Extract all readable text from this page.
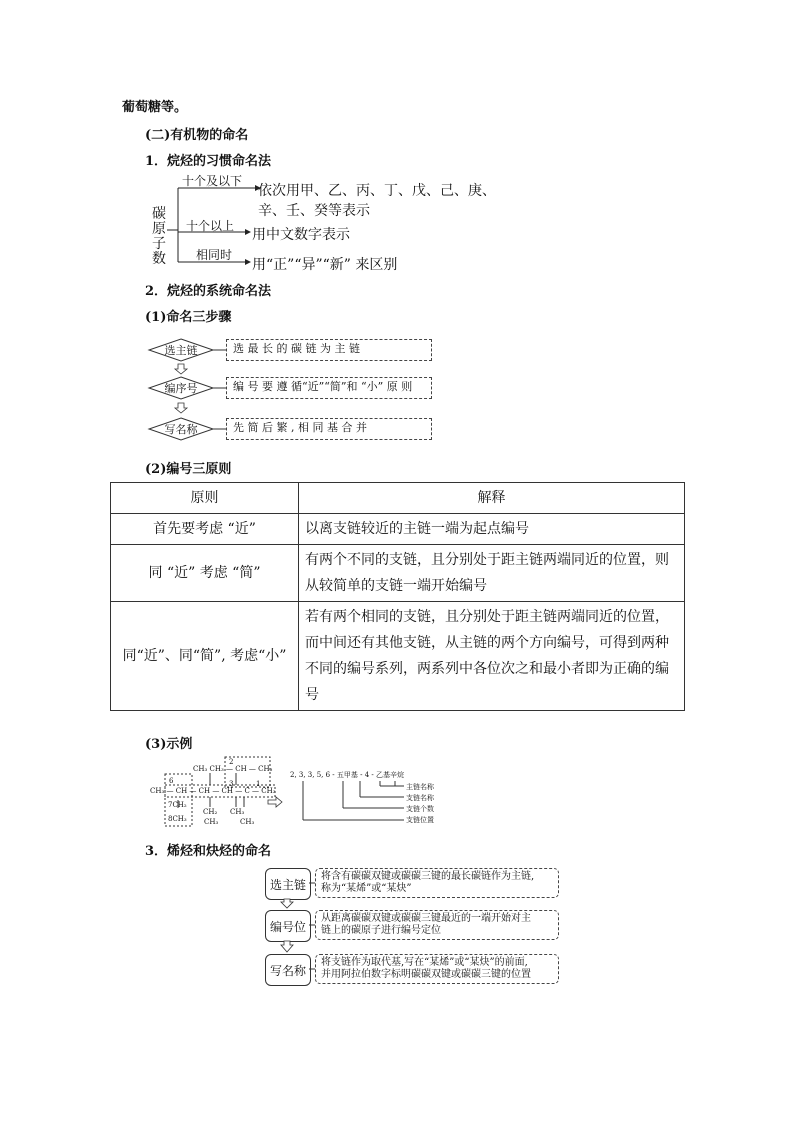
葡萄糖等。
(二)有机物的命名
1．烷烃的习惯命名法
碳
原
子
数
十个及以下
依次用甲、乙、丙、丁、戊、己、庚、
辛、壬、癸等表示
十个以上
用中文数字表示
相同时
用“正”“异”“新” 来区别
2．烷烃的系统命名法
(1)命名三步骤
选主链
编序号
写名称
选 最 长 的 碳 链 为 主 链
编 号 要 遵 循“近”“简”和 “小” 原 则
先 简 后 繁 , 相 同 基 合 并
(2)编号三原则
原则	解释
首先要考虑 “近”	以离支链较近的主链一端为起点编号
同 “近” 考虑 “简”	有两个不同的支链，且分别处于距主链两端同近的位置，则从较简单的支链一端开始编号
同“近”、同“简”, 考虑“小”	若有两个相同的支链，且分别处于距主链两端同近的位置，而中间还有其他支链，从主链的两个方向编号，可得到两种不同的编号系列，两系列中各位次之和最小者即为正确的编号
(3)示例
CH₃ CH₃ — CH — CH₃
CH₃ — CH — CH — CH — C — CH₃
2
6	3	1
7CH₂
8CH₃
CH₂
CH₃
CH₃
CH₃
2, 3, 3, 5, 6 - 五甲基 - 4 - 乙基辛烷
主链名称
支链名称
支链个数
支链位置
3．烯烃和炔烃的命名
选主链
编号位
写名称
将含有碳碳双键或碳碳三键的最长碳链作为主链,
称为“某烯”或“某炔”
从距离碳碳双键或碳碳三键最近的一端开始对主
链上的碳原子进行编号定位
将支链作为取代基,写在“某烯”或“某炔”的前面,
并用阿拉伯数字标明碳碳双键或碳碳三键的位置
